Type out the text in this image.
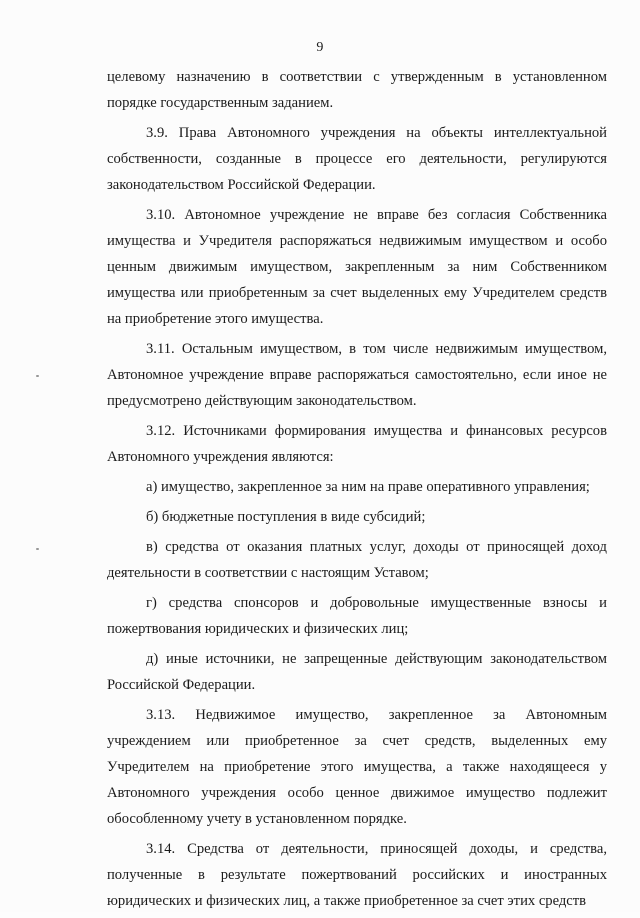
9

целевому назначению в соответствии с утвержденным в установленном порядке государственным заданием.

3.9. Права Автономного учреждения на объекты интеллектуальной собственности, созданные в процессе его деятельности, регулируются законодательством Российской Федерации.

3.10. Автономное учреждение не вправе без согласия Собственника имущества и Учредителя распоряжаться недвижимым имуществом и особо ценным движимым имуществом, закрепленным за ним Собственником имущества или приобретенным за счет выделенных ему Учредителем средств на приобретение этого имущества.

3.11. Остальным имуществом, в том числе недвижимым имуществом, Автономное учреждение вправе распоряжаться самостоятельно, если иное не предусмотрено действующим законодательством.

3.12. Источниками формирования имущества и финансовых ресурсов Автономного учреждения являются:

а) имущество, закрепленное за ним на праве оперативного управления;

б) бюджетные поступления в виде субсидий;

в) средства от оказания платных услуг, доходы от приносящей доход деятельности в соответствии с настоящим Уставом;

г) средства спонсоров и добровольные имущественные взносы и пожертвования юридических и физических лиц;

д) иные источники, не запрещенные действующим законодательством Российской Федерации.

3.13. Недвижимое имущество, закрепленное за Автономным учреждением или приобретенное за счет средств, выделенных ему Учредителем на приобретение этого имущества, а также находящееся у Автономного учреждения особо ценное движимое имущество подлежит обособленному учету в установленном порядке.

3.14. Средства от деятельности, приносящей доходы, и средства, полученные в результате пожертвований российских и иностранных юридических и физических лиц, а также приобретенное за счет этих средств
